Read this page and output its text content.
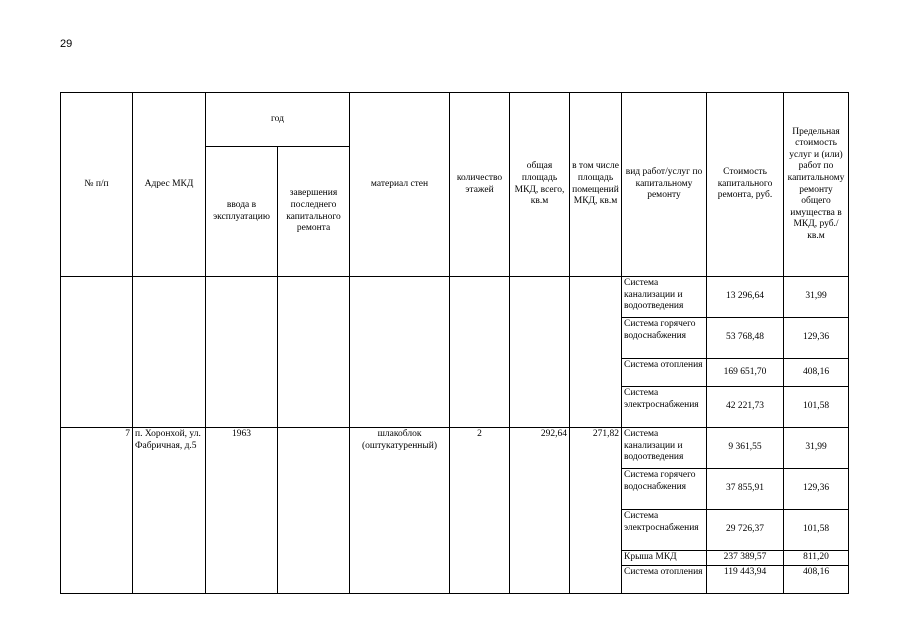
29
№ п/п	Адрес МКД	год		материал стен	количество этажей	общая площадь МКД, всего, кв.м	в том числе площадь помещений МКД, кв.м	вид работ/услуг по капитальному ремонту	Стоимость капитального ремонта, руб.	Предельная стоимость услуг и (или) работ по капитальному ремонту общего имущества в МКД, руб./кв.м
		ввода в эксплуатацию	завершения последнего капитального ремонта							
								Система канализации и водоотведения	13 296,64	31,99
								Система горячего водоснабжения	53 768,48	129,36
								Система отопления	169 651,70	408,16
								Система электроснабжения	42 221,73	101,58
7	п. Хоронхой, ул. Фабричная, д.5	1963		шлакоблок (оштукатуренный)	2	292,64	271,82	Система канализации и водоотведения	9 361,55	31,99
								Система горячего водоснабжения	37 855,91	129,36
								Система электроснабжения	29 726,37	101,58
								Крыша МКД	237 389,57	811,20
								Система отопления	119 443,94	408,16
